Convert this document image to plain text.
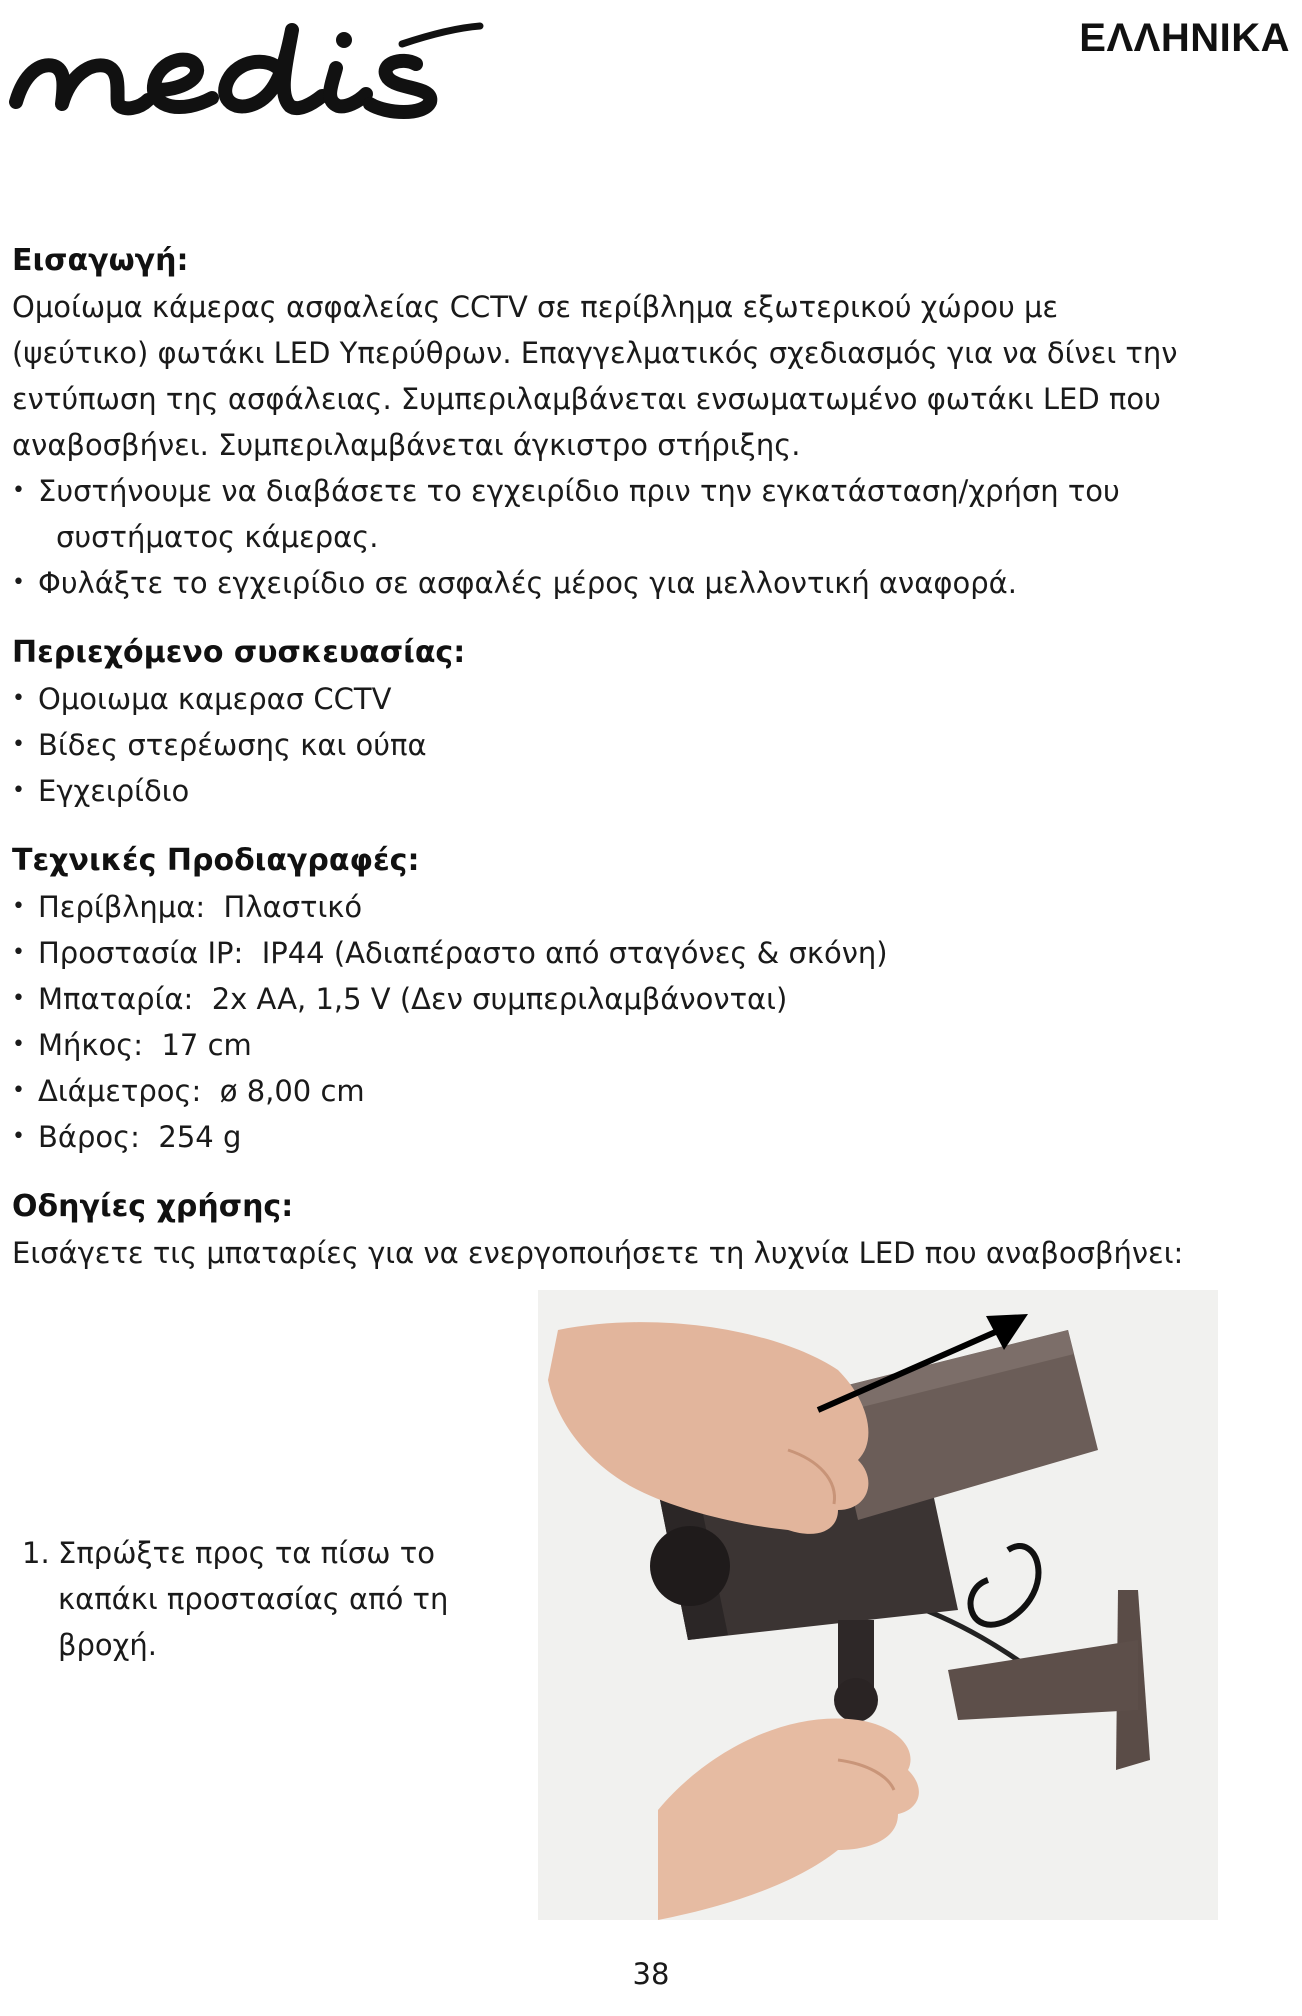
ΕΛΛΗΝΙΚΑ
Εισαγωγή:

Ομοίωμα κάμερας ασφαλείας CCTV σε περίβλημα εξωτερικού χώρου με

(ψεύτικο) φωτάκι LED Υπερύθρων. Επαγγελματικός σχεδιασμός για να δίνει την

εντύπωση της ασφάλειας. Συμπεριλαμβάνεται ενσωματωμένο φωτάκι LED που

αναβοσβήνει. Συμπεριλαμβάνεται άγκιστρο στήριξης.

• Συστήνουμε να διαβάσετε το εγχειρίδιο πριν την εγκατάσταση/χρήση του
συστήματος κάμερας.
• Φυλάξτε το εγχειρίδιο σε ασφαλές μέρος για μελλοντική αναφορά.
Περιεχόμενο συσκευασίας:
• Ομοιωμα καμερασ CCTV
• Βίδες στερέωσης και ούπα
• Εγχειρίδιο
Τεχνικές Προδιαγραφές:
• Περίβλημα:  Πλαστικό
• Προστασία IP:  IP44 (Αδιαπέραστο από σταγόνες & σκόνη)
• Μπαταρία:  2x AA, 1,5 V (Δεν συμπεριλαμβάνονται)
• Μήκος:  17 cm
• Διάμετρος:  ø 8,00 cm
• Βάρος:  254 g
Οδηγίες χρήσης:

Εισάγετε τις μπαταρίες για να ενεργοποιήσετε τη λυχνία LED που αναβοσβήνει:

1. Σπρώξτε προς τα πίσω το
καπάκι προστασίας από τη
βροχή.
38
